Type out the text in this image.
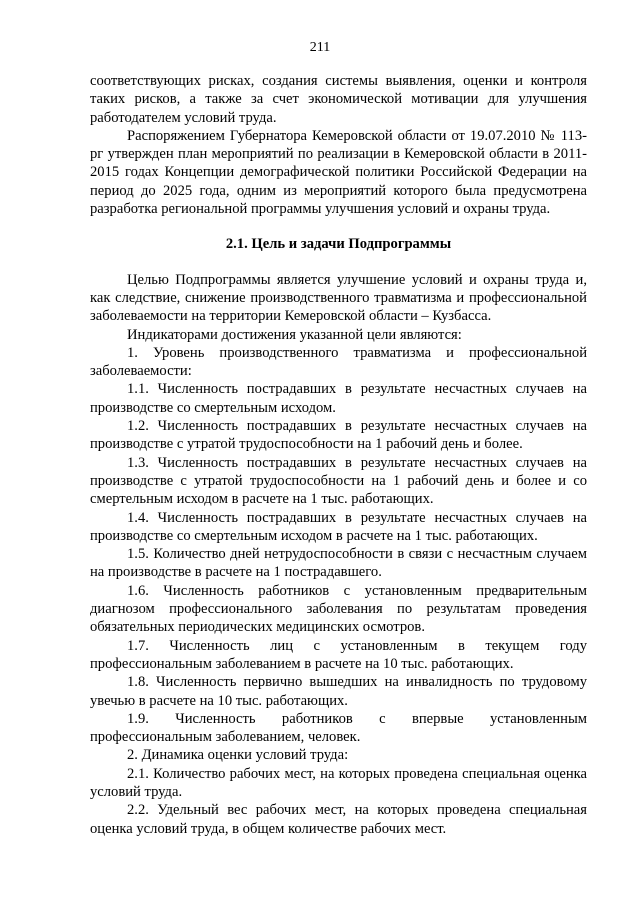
211

соответствующих рисках, создания системы выявления, оценки и контроля таких рисков, а также за счет экономической мотивации для улучшения работодателем условий труда.

Распоряжением Губернатора Кемеровской области от 19.07.2010 № 113-рг утвержден план мероприятий по реализации в Кемеровской области в 2011-2015 годах Концепции демографической политики Российской Федерации на период до 2025 года, одним из мероприятий которого была предусмотрена разработка региональной программы улучшения условий и охраны труда.

2.1. Цель и задачи Подпрограммы

Целью Подпрограммы является улучшение условий и охраны труда и, как следствие, снижение производственного травматизма и профессиональной заболеваемости на территории Кемеровской области – Кузбасса.

Индикаторами достижения указанной цели являются:

1. Уровень производственного травматизма и профессиональной заболеваемости:

1.1. Численность пострадавших в результате несчастных случаев на производстве со смертельным исходом.

1.2. Численность пострадавших в результате несчастных случаев на производстве с утратой трудоспособности на 1 рабочий день и более.

1.3. Численность пострадавших в результате несчастных случаев на производстве с утратой трудоспособности на 1 рабочий день и более и со смертельным исходом в расчете на 1 тыс. работающих.

1.4. Численность пострадавших в результате несчастных случаев на производстве со смертельным исходом в расчете на 1 тыс. работающих.

1.5. Количество дней нетрудоспособности в связи с несчастным случаем на производстве в расчете на 1 пострадавшего.

1.6. Численность работников с установленным предварительным диагнозом профессионального заболевания по результатам проведения обязательных периодических медицинских осмотров.

1.7. Численность лиц с установленным в текущем году профессиональным заболеванием в расчете на 10 тыс. работающих.

1.8. Численность первично вышедших на инвалидность по трудовому увечью в расчете на 10 тыс. работающих.

1.9. Численность работников с впервые установленным профессиональным заболеванием, человек.

2. Динамика оценки условий труда:

2.1. Количество рабочих мест, на которых проведена специальная оценка условий труда.

2.2. Удельный вес рабочих мест, на которых проведена специальная оценка условий труда, в общем количестве рабочих мест.
